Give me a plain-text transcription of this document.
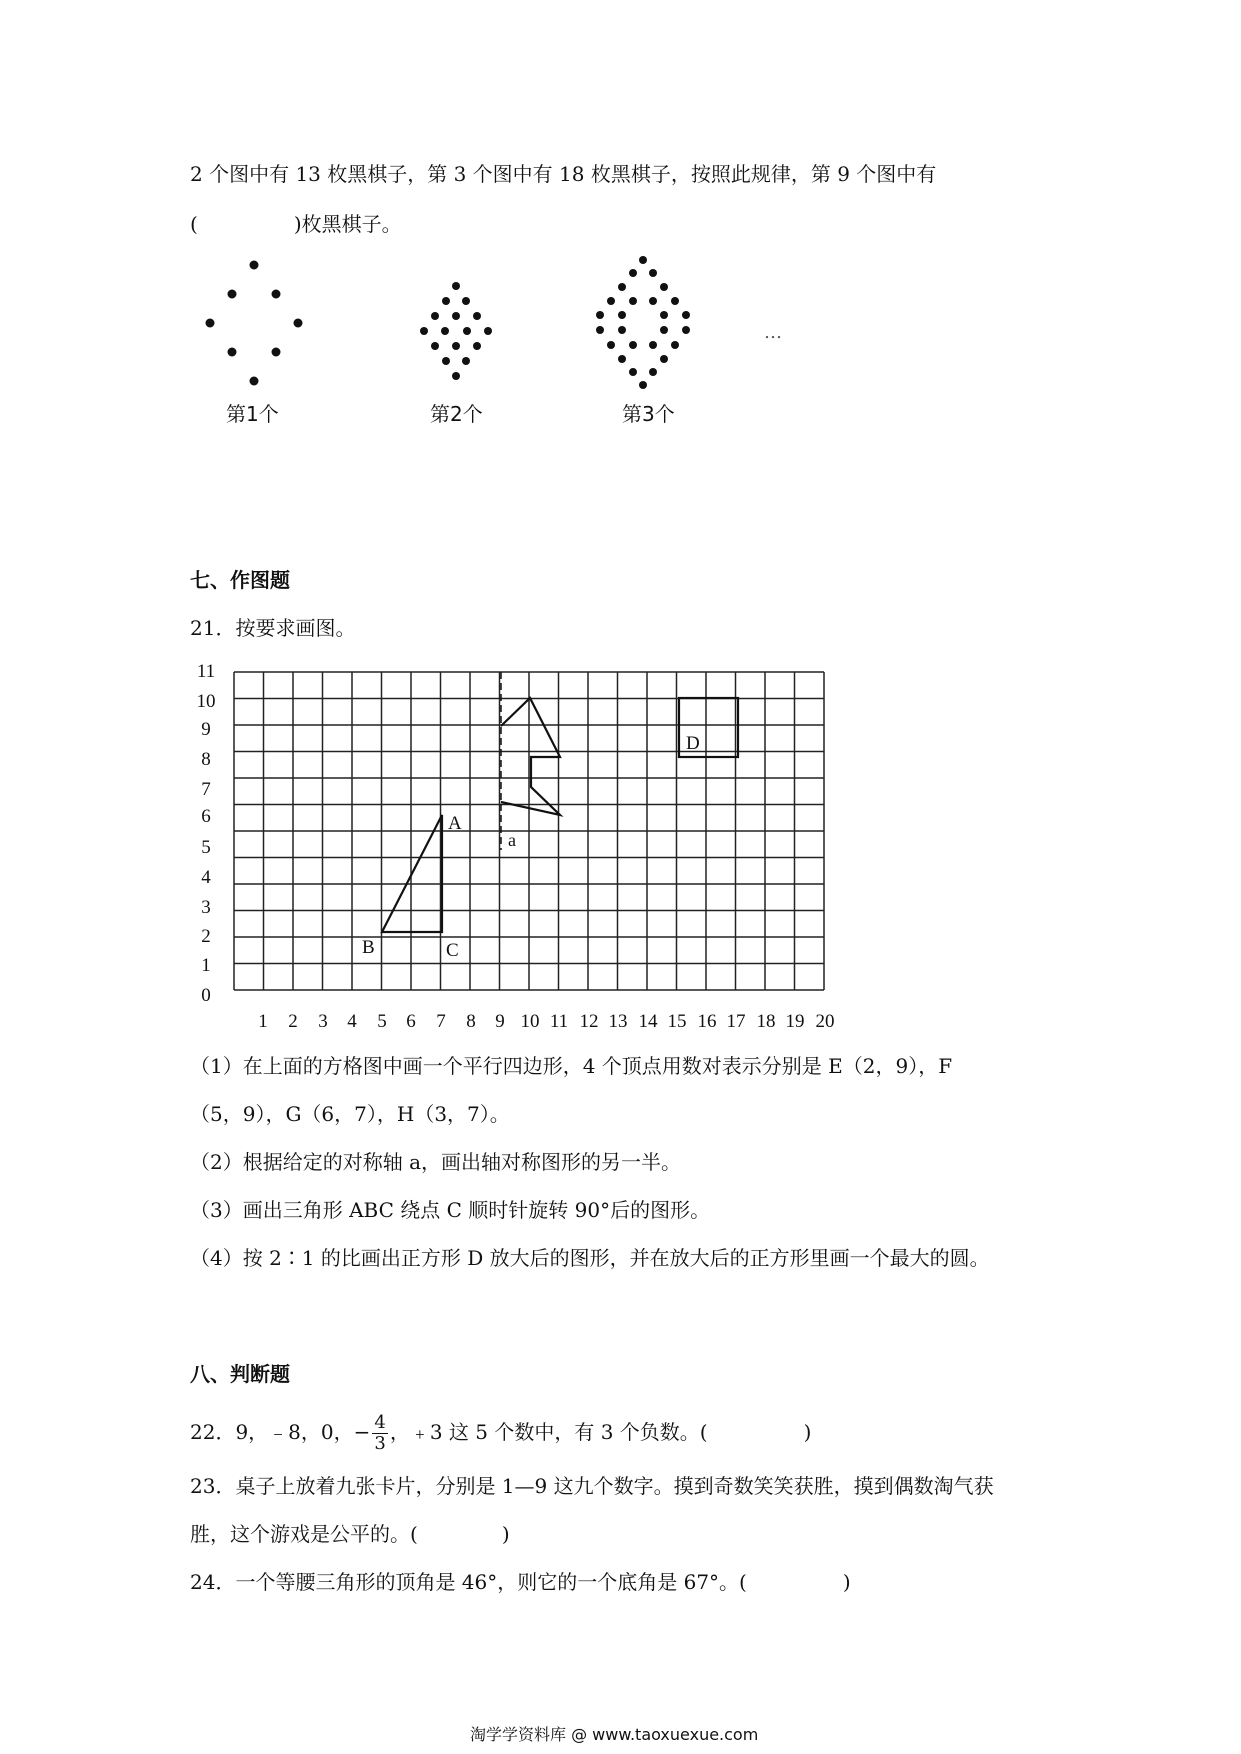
2 个图中有 13 枚黑棋子，第 3 个图中有 18 枚黑棋子，按照此规律，第 9 个图中有
(	)枚黑棋子。
…
第1个	第2个	第3个
七、作图题
21．按要求画图。
11
10
9
8
7
6
5
4
3
2
1
0
1 2 3 4 5 6 7 8 9 10 11 12 13 14 15 16 17 18 19 20
a
D
A
B	C
（1）在上面的方格图中画一个平行四边形，4 个顶点用数对表示分别是 E（2，9），F
（5，9），G（6，7），H（3，7）。
（2）根据给定的对称轴 a，画出轴对称图形的另一半。
（3）画出三角形 ABC 绕点 C 顺时针旋转 90°后的图形。
（4）按 2∶1 的比画出正方形 D 放大后的图形，并在放大后的正方形里画一个最大的圆。
八、判断题
22．9，﹣8，0，− $\frac{4}{3}$ ，﹢3 这 5 个数中，有 3 个负数。(	)
23．桌子上放着九张卡片，分别是 1—9 这九个数字。摸到奇数笑笑获胜，摸到偶数淘气获
胜，这个游戏是公平的。(	)
24．一个等腰三角形的顶角是 46°，则它的一个底角是 67°。(	)
淘学学资料库 @ www.taoxuexue.com
